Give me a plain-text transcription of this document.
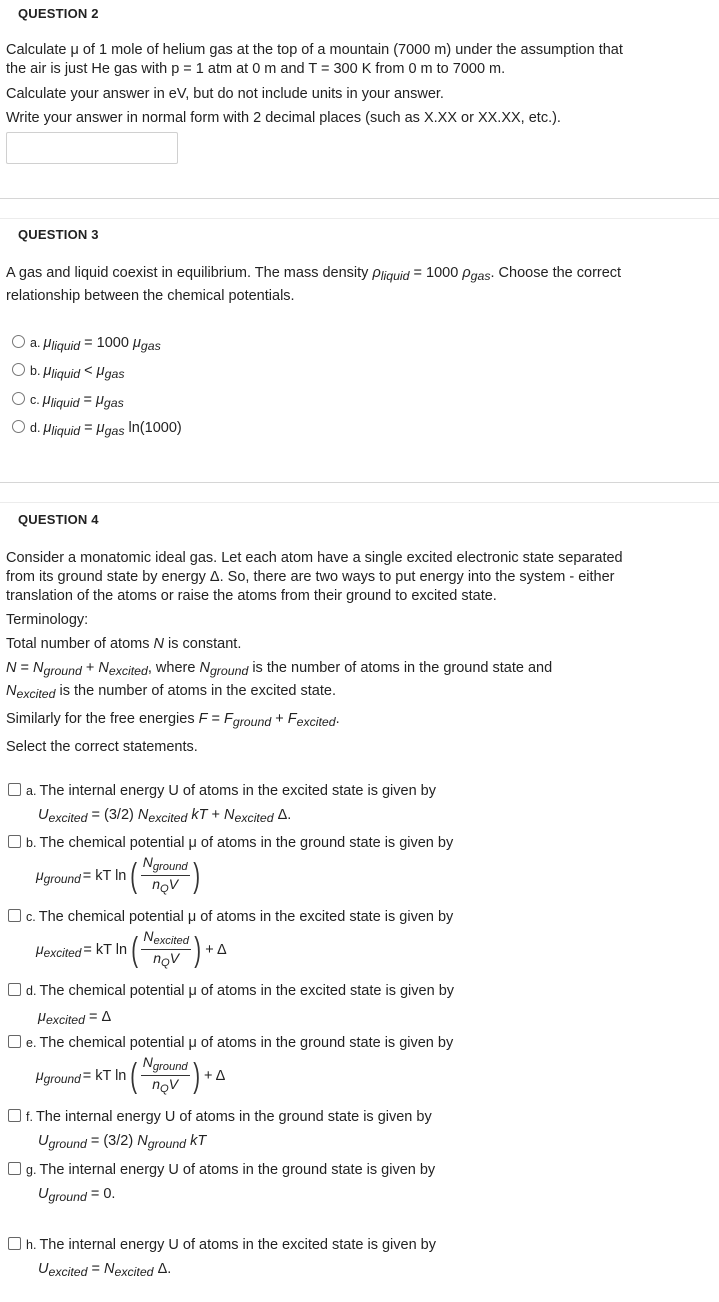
QUESTION 2
Calculate μ of 1 mole of helium gas at the top of a mountain (7000 m) under the assumption that
the air is just He gas with p = 1 atm at 0 m and T = 300 K from 0 m to 7000 m.
Calculate your answer in eV, but do not include units in your answer.
Write your answer in normal form with 2 decimal places (such as X.XX or XX.XX, etc.).
QUESTION 3
A gas and liquid coexist in equilibrium. The mass density $\rho_{liquid} = 1000$ $\rho_{gas}$. Choose the correct
relationship between the chemical potentials.
a. $\mu_{liquid} = 1000$ $\mu_{gas}$
b. $\mu_{liquid} < \mu_{gas}$
c. $\mu_{liquid} = \mu_{gas}$
d. $\mu_{liquid} = \mu_{gas}$ ln(1000)
QUESTION 4
Consider a monatomic ideal gas. Let each atom have a single excited electronic state separated
from its ground state by energy Δ. So, there are two ways to put energy into the system - either
translation of the atoms or raise the atoms from their ground to excited state.
Terminology:
Total number of atoms N is constant.
$N = N_{ground} + N_{excited}$, where $N_{ground}$ is the number of atoms in the ground state and
$N_{excited}$ is the number of atoms in the excited state.
Similarly for the free energies $F = F_{ground} + F_{excited}$.
Select the correct statements.
a. The internal energy U of atoms in the excited state is given by
$U_{excited} = (3/2)$ $N_{excited}$ kT + $N_{excited}$ Δ.
b. The chemical potential μ of atoms in the ground state is given by
$\mu_{ground}$ = kT ln ( $\frac{N_{ground}}{n_QV}$ )
c. The chemical potential μ of atoms in the excited state is given by
$\mu_{excited}$ = kT ln ( $\frac{N_{excited}}{n_QV}$ ) + Δ
d. The chemical potential μ of atoms in the excited state is given by
$\mu_{excited} = \Delta$
e. The chemical potential μ of atoms in the ground state is given by
$\mu_{ground}$ = kT ln ( $\frac{N_{ground}}{n_QV}$ ) + Δ
f. The internal energy U of atoms in the ground state is given by
$U_{ground} = (3/2)$ $N_{ground}$ kT
g. The internal energy U of atoms in the ground state is given by
$U_{ground} = 0$.
h. The internal energy U of atoms in the excited state is given by
$U_{excited} = N_{excited}$ Δ.
